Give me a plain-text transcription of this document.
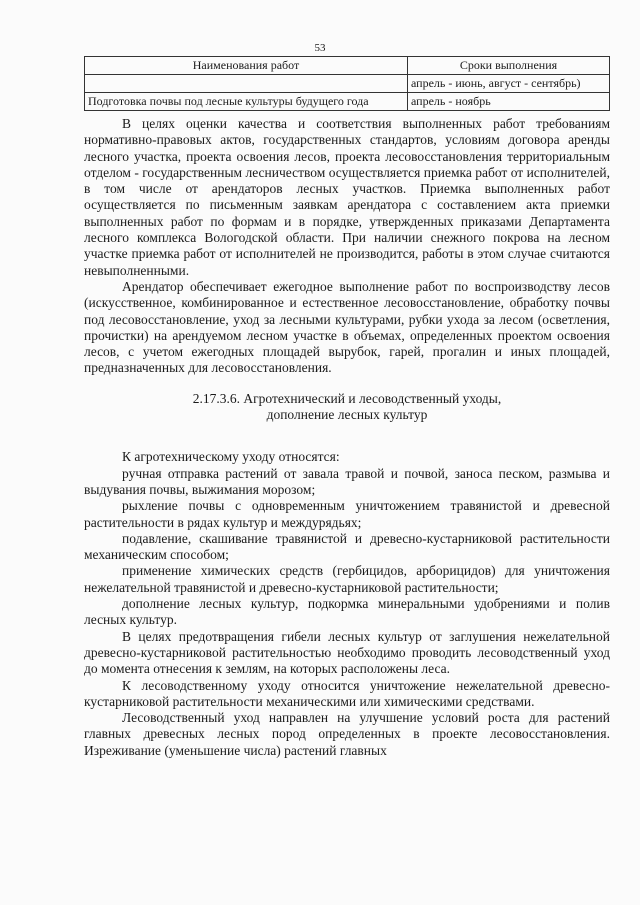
53
Наименования работ	Сроки выполнения
	апрель - июнь, август - сентябрь)
Подготовка почвы под лесные культуры будущего года	апрель - ноябрь

В целях оценки качества и соответствия выполненных работ требованиям нормативно-правовых актов, государственных стандартов, условиям договора аренды лесного участка, проекта освоения лесов, проекта лесовосстановления территориальным отделом - государственным лесничеством осуществляется приемка работ от исполнителей, в том числе от арендаторов лесных участков. Приемка выполненных работ осуществляется по письменным заявкам арендатора с составлением акта приемки выполненных работ по формам и в порядке, утвержденных приказами Департамента лесного комплекса Вологодской области. При наличии снежного покрова на лесном участке приемка работ от исполнителей не производится, работы в этом случае считаются невыполненными.

Арендатор обеспечивает ежегодное выполнение работ по воспроизводству лесов (искусственное, комбинированное и естественное лесовосстановление, обработку почвы под лесовосстановление, уход за лесными культурами, рубки ухода за лесом (осветления, прочистки) на арендуемом лесном участке в объемах, определенных проектом освоения лесов, с учетом ежегодных площадей вырубок, гарей, прогалин и иных площадей, предназначенных для лесовосстановления.

2.17.3.6. Агротехнический и лесоводственный уходы,
дополнение лесных культур

К агротехническому уходу относятся:

ручная отправка растений от завала травой и почвой, заноса песком, размыва и выдувания почвы, выжимания морозом;

рыхление почвы с одновременным уничтожением травянистой и древесной растительности в рядах культур и междурядьях;

подавление, скашивание травянистой и древесно-кустарниковой растительности механическим способом;

применение химических средств (гербицидов, арборицидов) для уничтожения нежелательной травянистой и древесно-кустарниковой растительности;

дополнение лесных культур, подкормка минеральными удобрениями и полив лесных культур.

В целях предотвращения гибели лесных культур от заглушения нежелательной древесно-кустарниковой растительностью необходимо проводить лесоводственный уход до момента отнесения к землям, на которых расположены леса.

К лесоводственному уходу относится уничтожение нежелательной древесно-кустарниковой растительности механическими или химическими средствами.

Лесоводственный уход направлен на улучшение условий роста для растений главных древесных лесных пород определенных в проекте лесовосстановления. Изреживание (уменьшение числа) растений главных
